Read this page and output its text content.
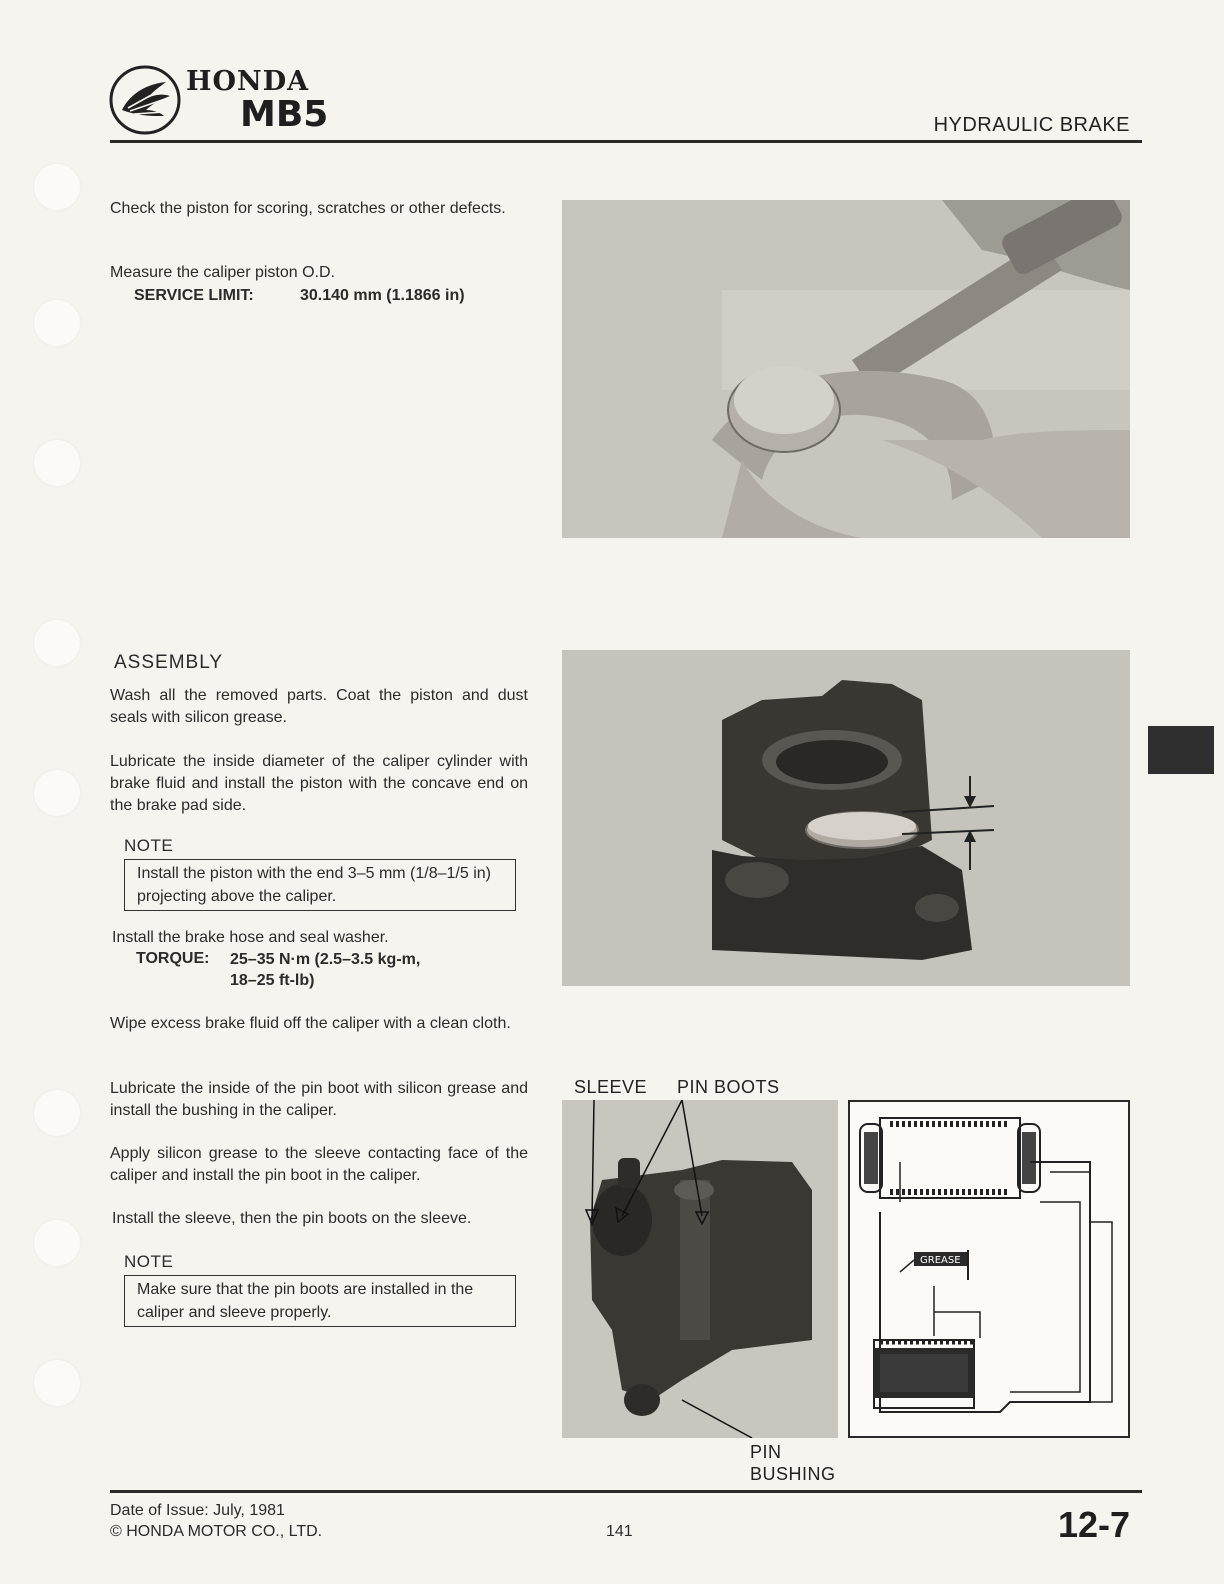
HONDA
MB5	HYDRAULIC BRAKE
Check the piston for scoring, scratches or other defects.
Measure the caliper piston O.D.
SERVICE LIMIT:	30.140 mm (1.1866 in)
ASSEMBLY
Wash all the removed parts. Coat the piston and dust seals with silicon grease.
Lubricate the inside diameter of the caliper cylinder with brake fluid and install the piston with the concave end on the brake pad side.
NOTE
Install the piston with the end 3–5 mm (1/8–1/5 in) projecting above the caliper.
Install the brake hose and seal washer.
TORQUE: 25–35 N·m (2.5–3.5 kg-m,
18–25 ft-lb)
Wipe excess brake fluid off the caliper with a clean cloth.
Lubricate the inside of the pin boot with silicon grease and install the bushing in the caliper.
Apply silicon grease to the sleeve contacting face of the caliper and install the pin boot in the caliper.
Install the sleeve, then the pin boots on the sleeve.
NOTE
Make sure that the pin boots are installed in the caliper and sleeve properly.
SLEEVE PIN BOOTS
PIN
BUSHING
GREASE
Date of Issue: July, 1981
© HONDA MOTOR CO., LTD.	141	12-7
